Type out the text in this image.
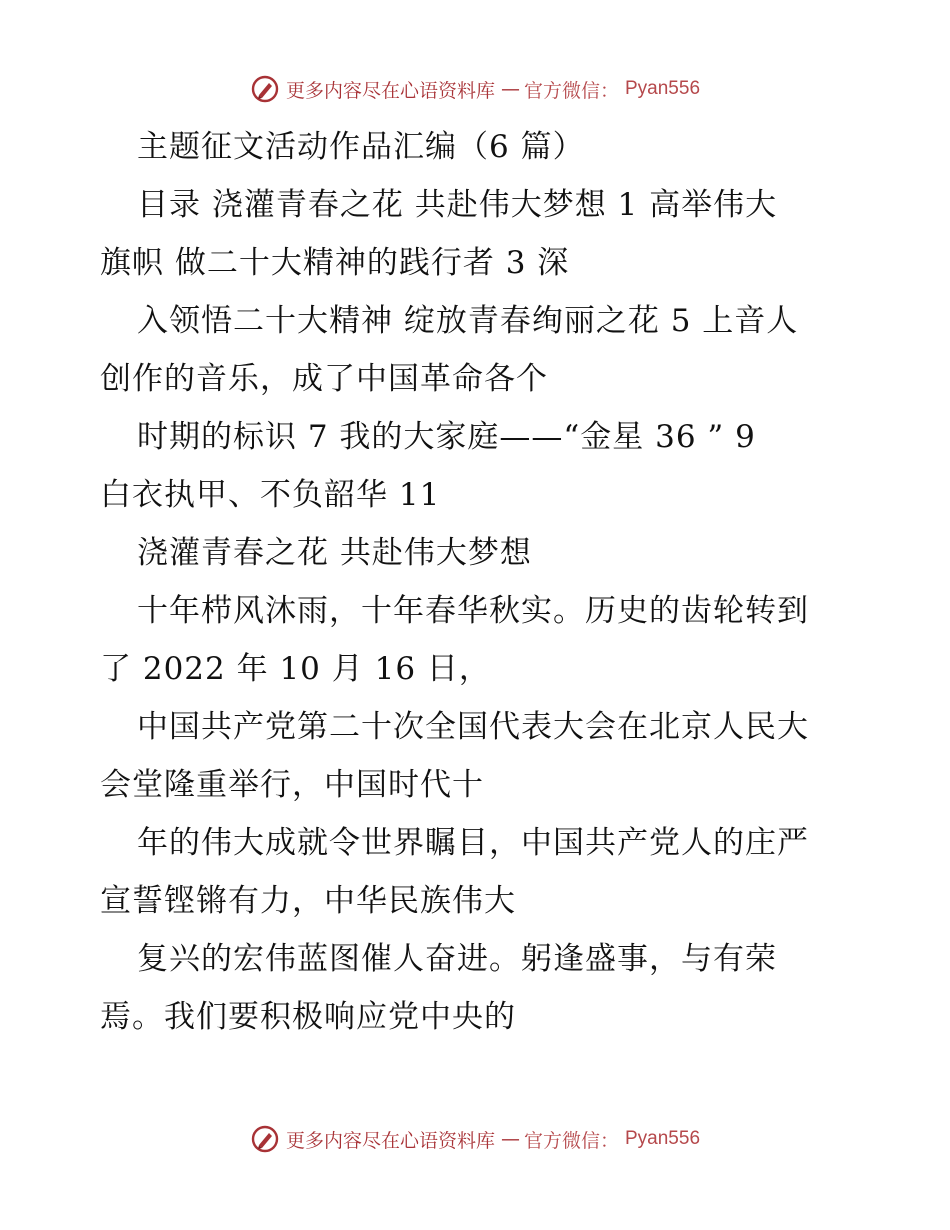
更多内容尽在心语资料库 — 官方微信： Pyan556
主题征文活动作品汇编（6 篇）
目录 浇灌青春之花 共赴伟大梦想 1 高举伟大
旗帜 做二十大精神的践行者 3 深
入领悟二十大精神 绽放青春绚丽之花 5 上音人
创作的音乐，成了中国革命各个
时期的标识 7 我的大家庭——“金星 36 ” 9
白衣执甲、不负韶华 11
浇灌青春之花 共赴伟大梦想
十年栉风沐雨，十年春华秋实。历史的齿轮转到
了 2022 年 10 月 16 日，
中国共产党第二十次全国代表大会在北京人民大
会堂隆重举行，中国时代十
年的伟大成就令世界瞩目，中国共产党人的庄严
宣誓铿锵有力，中华民族伟大
复兴的宏伟蓝图催人奋进。躬逢盛事，与有荣
焉。我们要积极响应党中央的
更多内容尽在心语资料库 — 官方微信： Pyan556
